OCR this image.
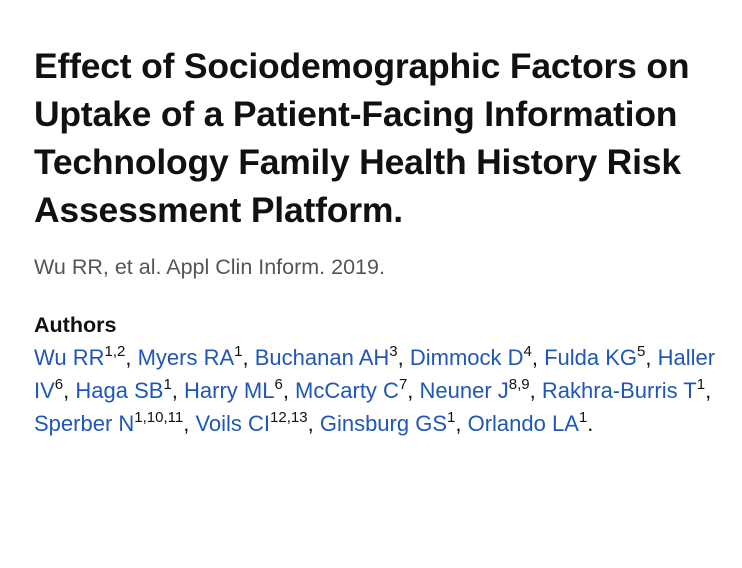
Effect of Sociodemographic Factors on Uptake of a Patient-Facing Information Technology Family Health History Risk Assessment Platform.
Wu RR, et al. Appl Clin Inform. 2019.
Authors
Wu RR$^{1,2}$, Myers $RA^1$, Buchanan $AH^3$, Dimmock $D^4$, Fulda $KG^5$, Haller $IV^6$, Haga $SB^1$, Harry $ML^6$, McCarty $C^7$, Neuner J$^{8,9}$, Rakhra-Burris $T^1$, Sperber N$^{1,10,11}$, Voils CI$^{12,13}$, Ginsburg $GS^1$, Orlando $LA^1$.
